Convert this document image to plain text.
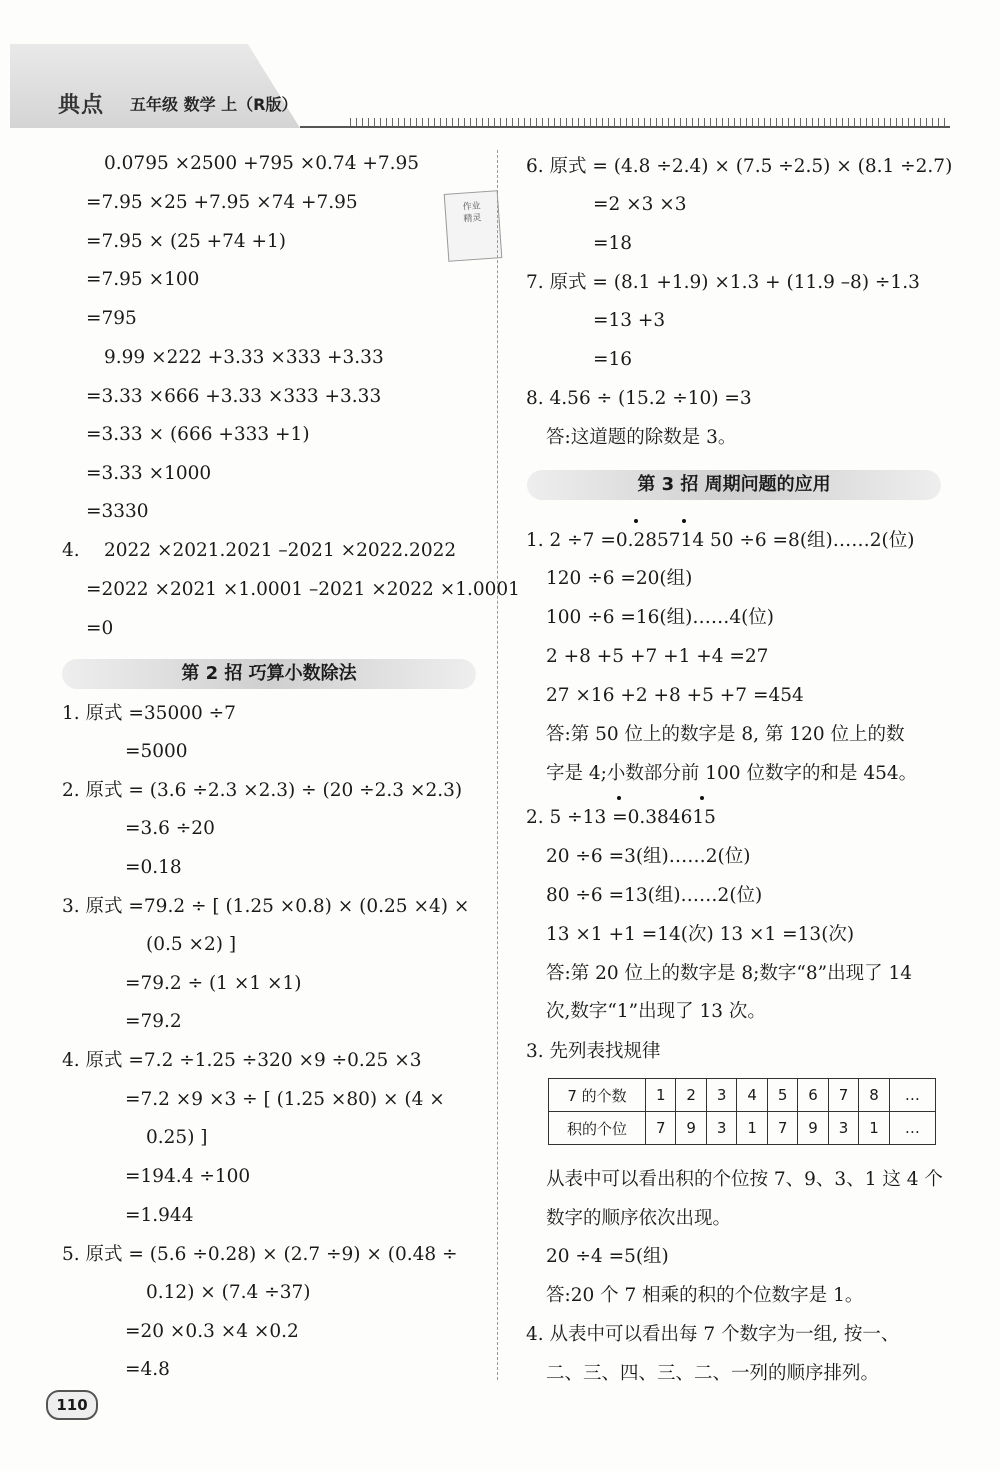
典点 五年级 数学 上（R版）
作业
精灵
0.0795 ×2500 +795 ×0.74 +7.95
=7.95 ×25 +7.95 ×74 +7.95
=7.95 × (25 +74 +1)
=7.95 ×100
=795
9.99 ×222 +3.33 ×333 +3.33
=3.33 ×666 +3.33 ×333 +3.33
=3.33 × (666 +333 +1)
=3.33 ×1000
=3330
4. 2022 ×2021.2021 –2021 ×2022.2022
=2022 ×2021 ×1.0001 –2021 ×2022 ×1.0001
=0
第 2 招 巧算小数除法
1. 原式 =35000 ÷7
=5000
2. 原式 = (3.6 ÷2.3 ×2.3) ÷ (20 ÷2.3 ×2.3)
=3.6 ÷20
=0.18
3. 原式 =79.2 ÷ [ (1.25 ×0.8) × (0.25 ×4) ×
(0.5 ×2) ]
=79.2 ÷ (1 ×1 ×1)
=79.2
4. 原式 =7.2 ÷1.25 ÷320 ×9 ÷0.25 ×3
=7.2 ×9 ×3 ÷ [ (1.25 ×80) × (4 ×
0.25) ]
=194.4 ÷100
=1.944
5. 原式 = (5.6 ÷0.28) × (2.7 ÷9) × (0.48 ÷
0.12) × (7.4 ÷37)
=20 ×0.3 ×4 ×0.2
=4.8
110
6. 原式 = (4.8 ÷2.4) × (7.5 ÷2.5) × (8.1 ÷2.7)
=2 ×3 ×3
=18
7. 原式 = (8.1 +1.9) ×1.3 + (11.9 –8) ÷1.3
=13 +3
=16
8. 4.56 ÷ (15.2 ÷10) =3
答:这道题的除数是 3。
第 3 招 周期问题的应用
1. 2 ÷7 =0.285714 50 ÷6 =8(组)……2(位)
120 ÷6 =20(组)
100 ÷6 =16(组)……4(位)
2 +8 +5 +7 +1 +4 =27
27 ×16 +2 +8 +5 +7 =454
答:第 50 位上的数字是 8, 第 120 位上的数
字是 4;小数部分前 100 位数字的和是 454。
2. 5 ÷13 =0.384615
20 ÷6 =3(组)……2(位)
80 ÷6 =13(组)……2(位)
13 ×1 +1 =14(次) 13 ×1 =13(次)
答:第 20 位上的数字是 8;数字“8”出现了 14
次,数字“1”出现了 13 次。
3. 先列表找规律
7 的个数	1	2	3	4	5	6	7	8	…
积的个位	7	9	3	1	7	9	3	1	…
从表中可以看出积的个位按 7、9、3、1 这 4 个
数字的顺序依次出现。
20 ÷4 =5(组)
答:20 个 7 相乘的积的个位数字是 1。
4. 从表中可以看出每 7 个数字为一组, 按一、
二、三、四、三、二、一列的顺序排列。
